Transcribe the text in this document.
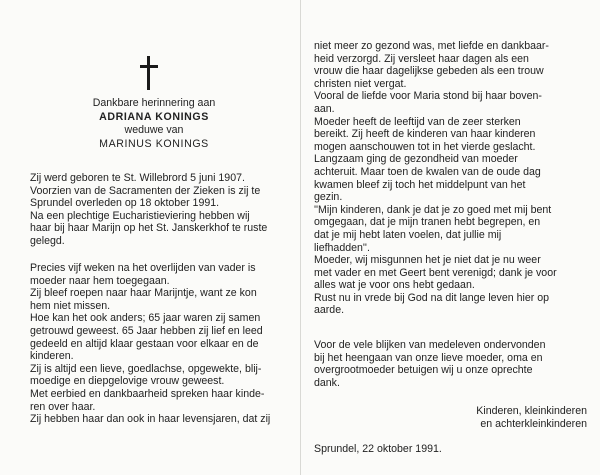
Dankbare herinnering aan

ADRIANA KONINGS

weduwe van

MARINUS KONINGS

Zij werd geboren te St. Willebrord 5 juni 1907.

Voorzien van de Sacramenten der Zieken is zij te

Sprundel overleden op 18 oktober 1991.

Na een plechtige Eucharistieviering hebben wij

haar bij haar Marijn op het St. Janskerkhof te ruste

gelegd.

Precies vijf weken na het overlijden van vader is

moeder naar hem toegegaan.

Zij bleef roepen naar haar Marijntje, want ze kon

hem niet missen.

Hoe kan het ook anders; 65 jaar waren zij samen

getrouwd geweest. 65 Jaar hebben zij lief en leed

gedeeld en altijd klaar gestaan voor elkaar en de

kinderen.

Zij is altijd een lieve, goedlachse, opgewekte, blij-

moedige en diepgelovige vrouw geweest.

Met eerbied en dankbaarheid spreken haar kinde-

ren over haar.

Zij hebben haar dan ook in haar levensjaren, dat zij

niet meer zo gezond was, met liefde en dankbaar-

heid verzorgd. Zij versleet haar dagen als een

vrouw die haar dagelijkse gebeden als een trouw

christen niet vergat.

Vooral de liefde voor Maria stond bij haar boven-

aan.

Moeder heeft de leeftijd van de zeer sterken

bereikt. Zij heeft de kinderen van haar kinderen

mogen aanschouwen tot in het vierde geslacht.

Langzaam ging de gezondheid van moeder

achteruit. Maar toen de kwalen van de oude dag

kwamen bleef zij toch het middelpunt van het

gezin.

''Mijn kinderen, dank je dat je zo goed met mij bent

omgegaan, dat je mijn tranen hebt begrepen, en

dat je mij hebt laten voelen, dat jullie mij

liefhadden''.

Moeder, wij misgunnen het je niet dat je nu weer

met vader en met Geert bent verenigd; dank je voor

alles wat je voor ons hebt gedaan.

Rust nu in vrede bij God na dit lange leven hier op

aarde.

Voor de vele blijken van medeleven ondervonden

bij het heengaan van onze lieve moeder, oma en

overgrootmoeder betuigen wij u onze oprechte

dank.

Kinderen, kleinkinderen

en achterkleinkinderen

Sprundel, 22 oktober 1991.
